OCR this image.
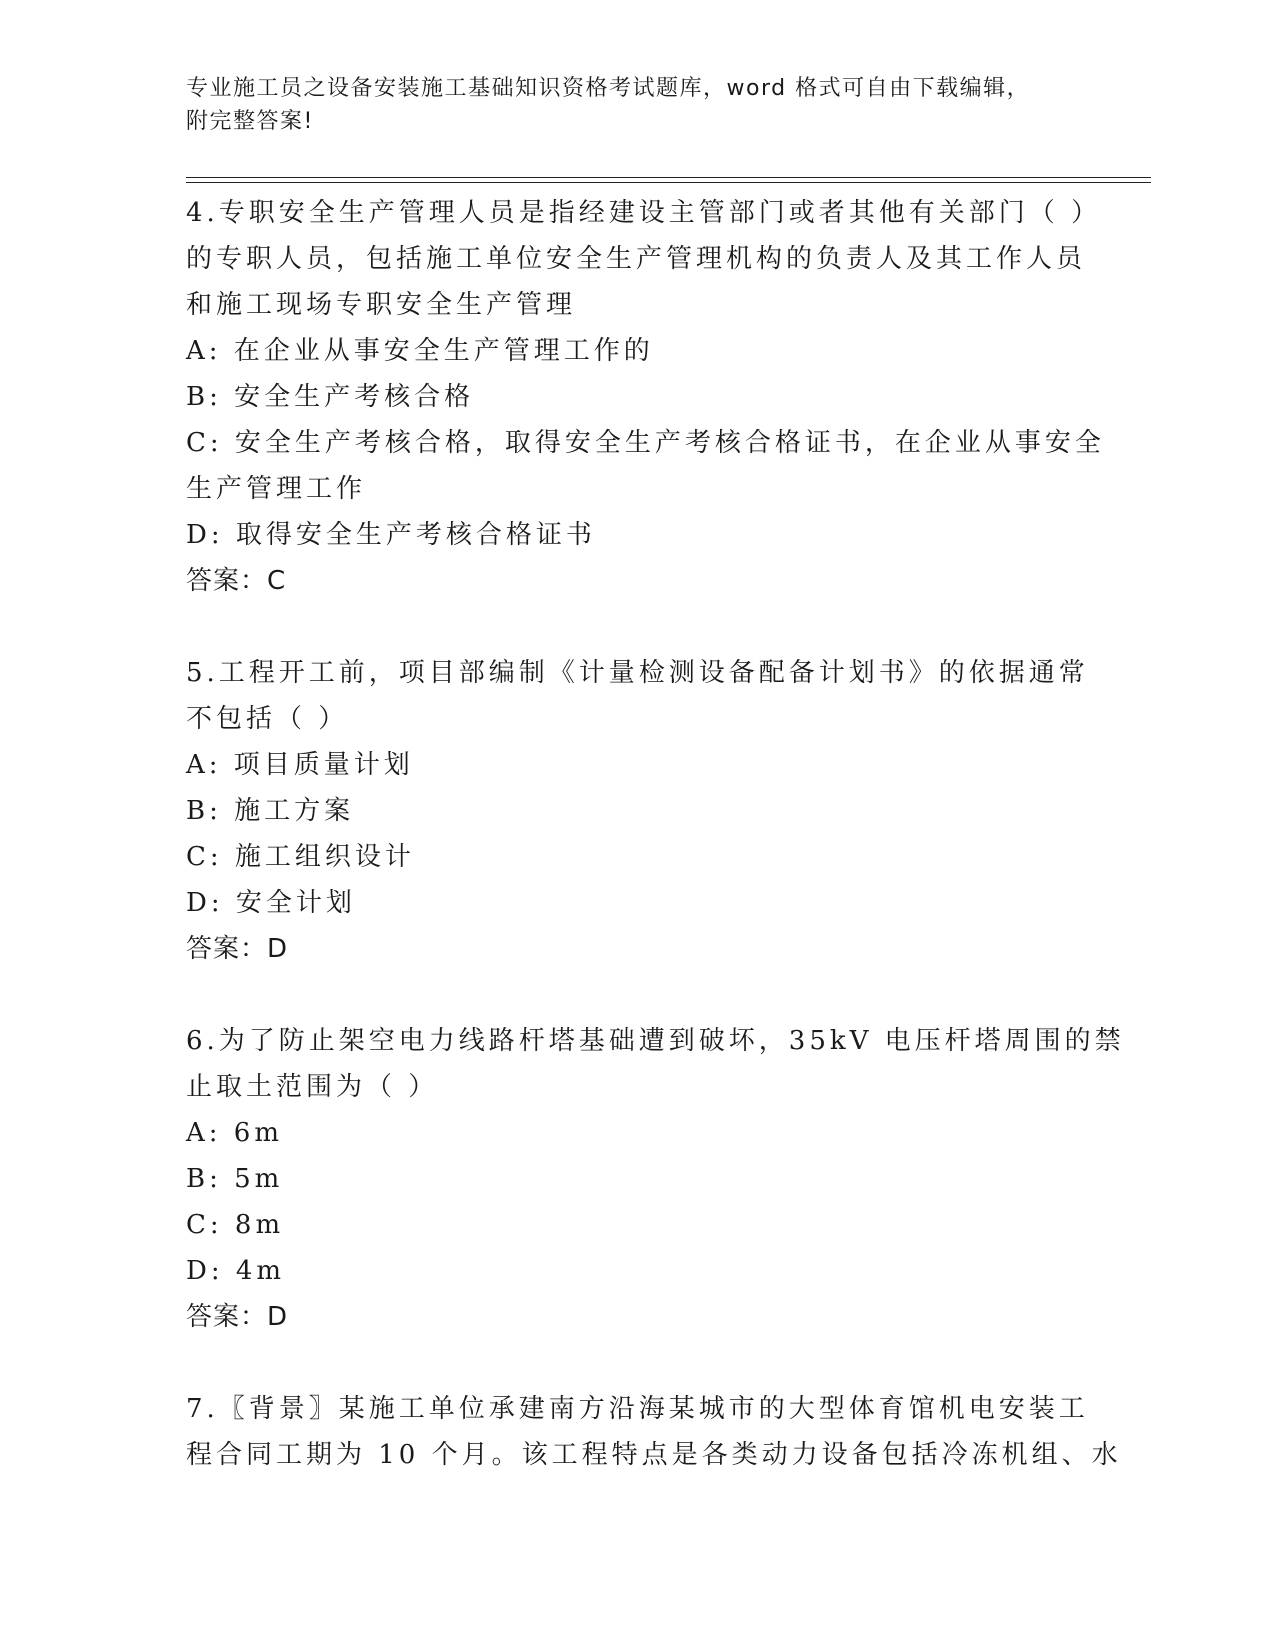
专业施工员之设备安装施工基础知识资格考试题库，word 格式可自由下载编辑，
附完整答案!
4.专职安全生产管理人员是指经建设主管部门或者其他有关部门（ ）
的专职人员，包括施工单位安全生产管理机构的负责人及其工作人员
和施工现场专职安全生产管理
A: 在企业从事安全生产管理工作的
B: 安全生产考核合格
C: 安全生产考核合格，取得安全生产考核合格证书，在企业从事安全
生产管理工作
D: 取得安全生产考核合格证书
答案：C
5.工程开工前，项目部编制《计量检测设备配备计划书》的依据通常
不包括（ ）
A: 项目质量计划
B: 施工方案
C: 施工组织设计
D: 安全计划
答案：D
6.为了防止架空电力线路杆塔基础遭到破坏，35kV 电压杆塔周围的禁
止取土范围为（ ）
A: 6m
B: 5m
C: 8m
D: 4m
答案：D
7.〖背景〗某施工单位承建南方沿海某城市的大型体育馆机电安装工
程合同工期为 10 个月。该工程特点是各类动力设备包括冷冻机组、水
